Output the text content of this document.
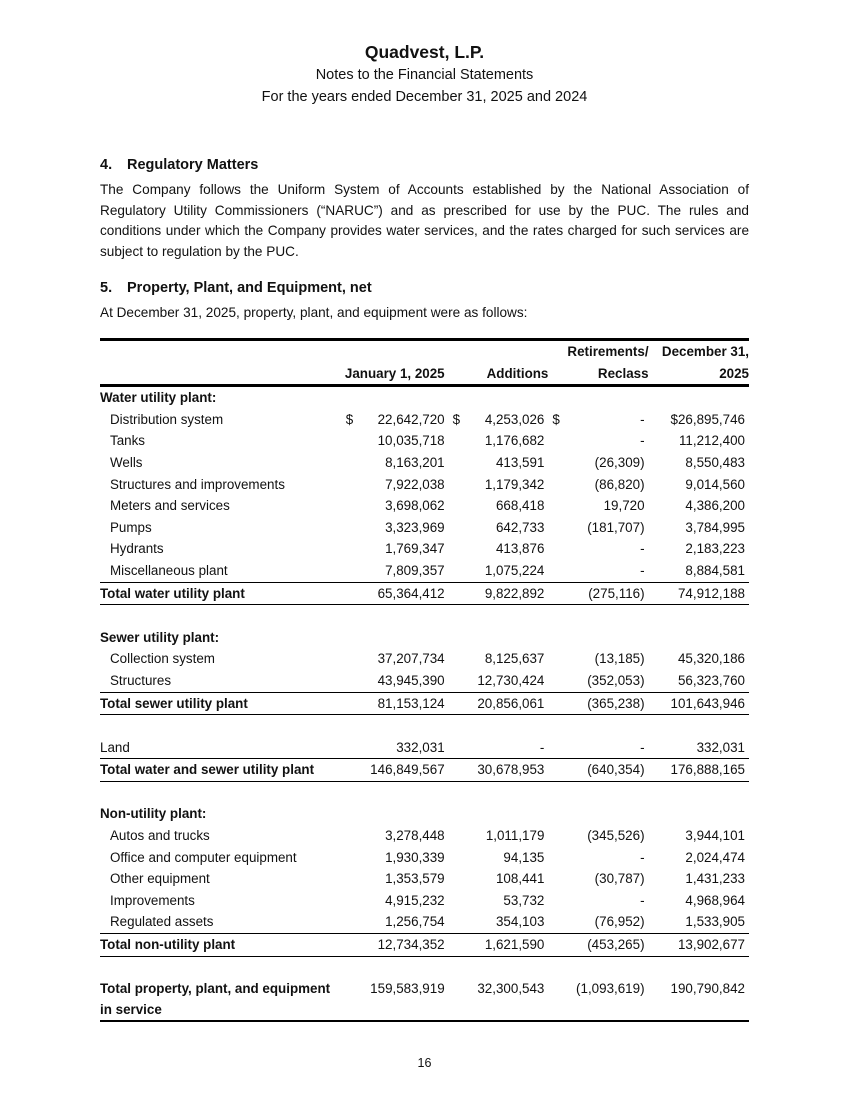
Quadvest, L.P.
Notes to the Financial Statements
For the years ended December 31, 2025 and 2024
4.	Regulatory Matters

The Company follows the Uniform System of Accounts established by the National Association of Regulatory Utility Commissioners (“NARUC”) and as prescribed for use by the PUC. The rules and conditions under which the Company provides water services, and the rates charged for such services are subject to regulation by the PUC.

5.	Property, Plant, and Equipment, net

At December 31, 2025, property, plant, and equipment were as follows:

			Retirements/	December 31,
	January 1, 2025	Additions	Reclass	2025
Water utility plant:				
Distribution system	$ 22,642,720	$ 4,253,026	$ -	$26,895,746
Tanks	10,035,718	1,176,682	-	11,212,400
Wells	8,163,201	413,591	(26,309)	8,550,483
Structures and improvements	7,922,038	1,179,342	(86,820)	9,014,560
Meters and services	3,698,062	668,418	19,720	4,386,200
Pumps	3,323,969	642,733	(181,707)	3,784,995
Hydrants	1,769,347	413,876	-	2,183,223
Miscellaneous plant	7,809,357	1,075,224	-	8,884,581
Total water utility plant	65,364,412	9,822,892	(275,116)	74,912,188

Sewer utility plant:				
Collection system	37,207,734	8,125,637	(13,185)	45,320,186
Structures	43,945,390	12,730,424	(352,053)	56,323,760
Total sewer utility plant	81,153,124	20,856,061	(365,238)	101,643,946

Land	332,031	-	-	332,031
Total water and sewer utility plant	146,849,567	30,678,953	(640,354)	176,888,165

Non-utility plant:				
Autos and trucks	3,278,448	1,011,179	(345,526)	3,944,101
Office and computer equipment	1,930,339	94,135	-	2,024,474
Other equipment	1,353,579	108,441	(30,787)	1,431,233
Improvements	4,915,232	53,732	-	4,968,964
Regulated assets	1,256,754	354,103	(76,952)	1,533,905
Total non-utility plant	12,734,352	1,621,590	(453,265)	13,902,677

Total property, plant, and equipment in service	159,583,919	32,300,543	(1,093,619)	190,790,842
16
